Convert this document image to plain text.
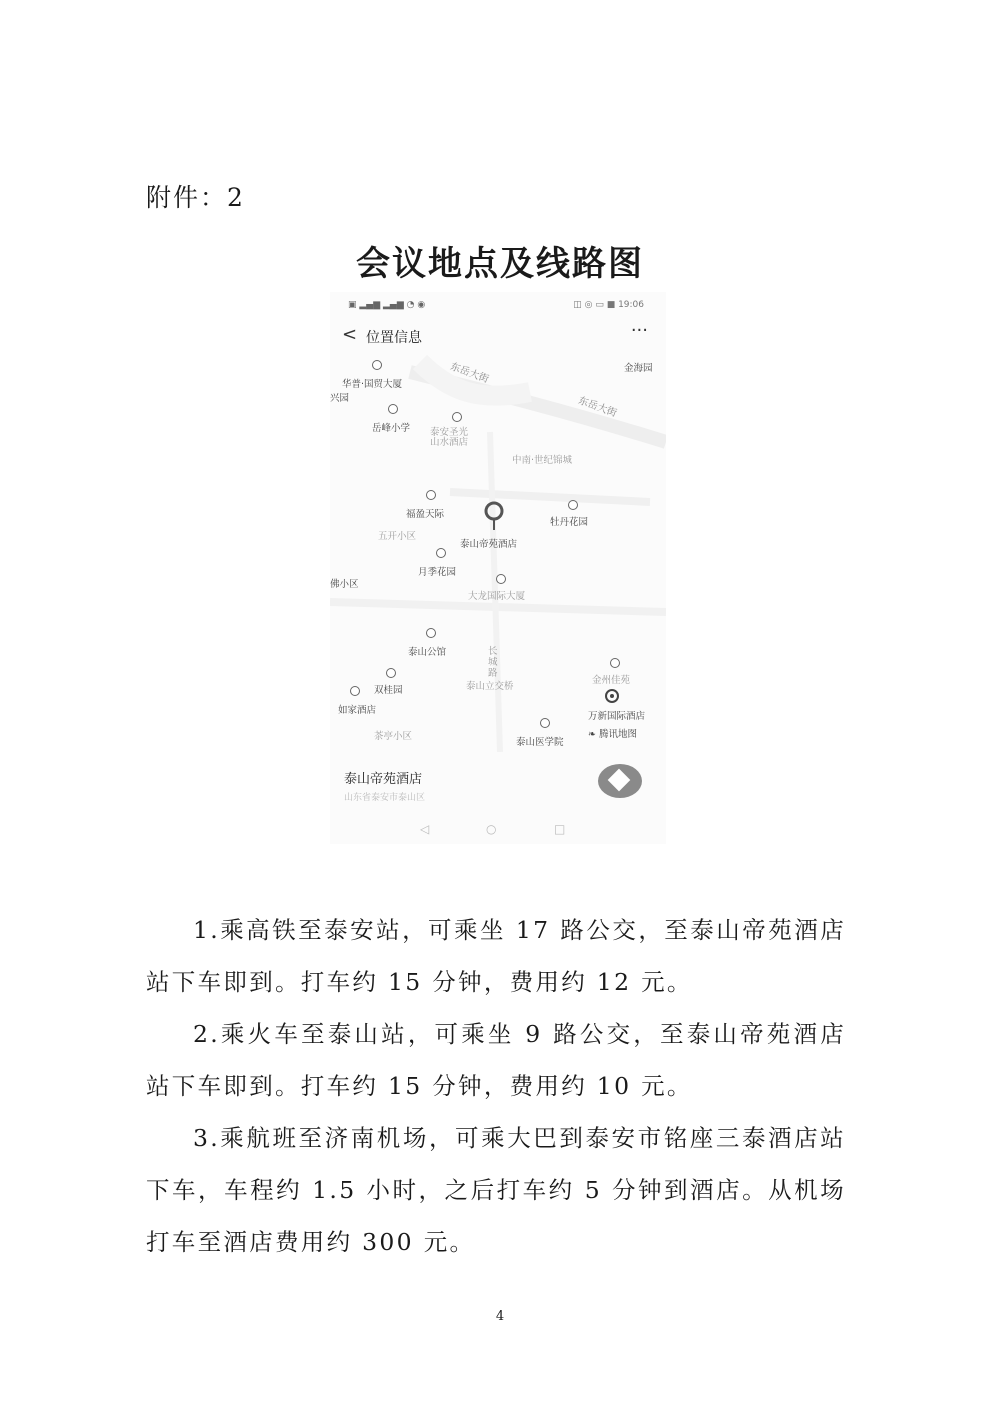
附件：2
会议地点及线路图
▣ ▂▄▆ ▂▄▆ ◔ ◉	◫ ◎ ▭ ■ 19:06
< 位置信息	···
华普·国贸大厦
兴园
东岳大街
东岳大街
岳峰小学 泰安圣光
山水酒店
中南·世纪锦城
金海园
福盈天际
牡丹花园
五开小区
泰山帝苑酒店
月季花园
佛小区
大龙国际大厦
泰山公馆	长
城
路
金州佳苑
双桂园	泰山立交桥
如家酒店
万新国际酒店
茶亭小区
泰山医学院
❧ 腾讯地图
泰山帝苑酒店
山东省泰安市泰山区
◁	○	□
1.乘高铁至泰安站，可乘坐 17 路公交，至泰山帝苑酒店站下车即到。打车约 15 分钟，费用约 12 元。
2.乘火车至泰山站，可乘坐 9 路公交，至泰山帝苑酒店站下车即到。打车约 15 分钟，费用约 10 元。
3.乘航班至济南机场，可乘大巴到泰安市铭座三泰酒店站下车，车程约 1.5 小时，之后打车约 5 分钟到酒店。从机场打车至酒店费用约 300 元。
4
